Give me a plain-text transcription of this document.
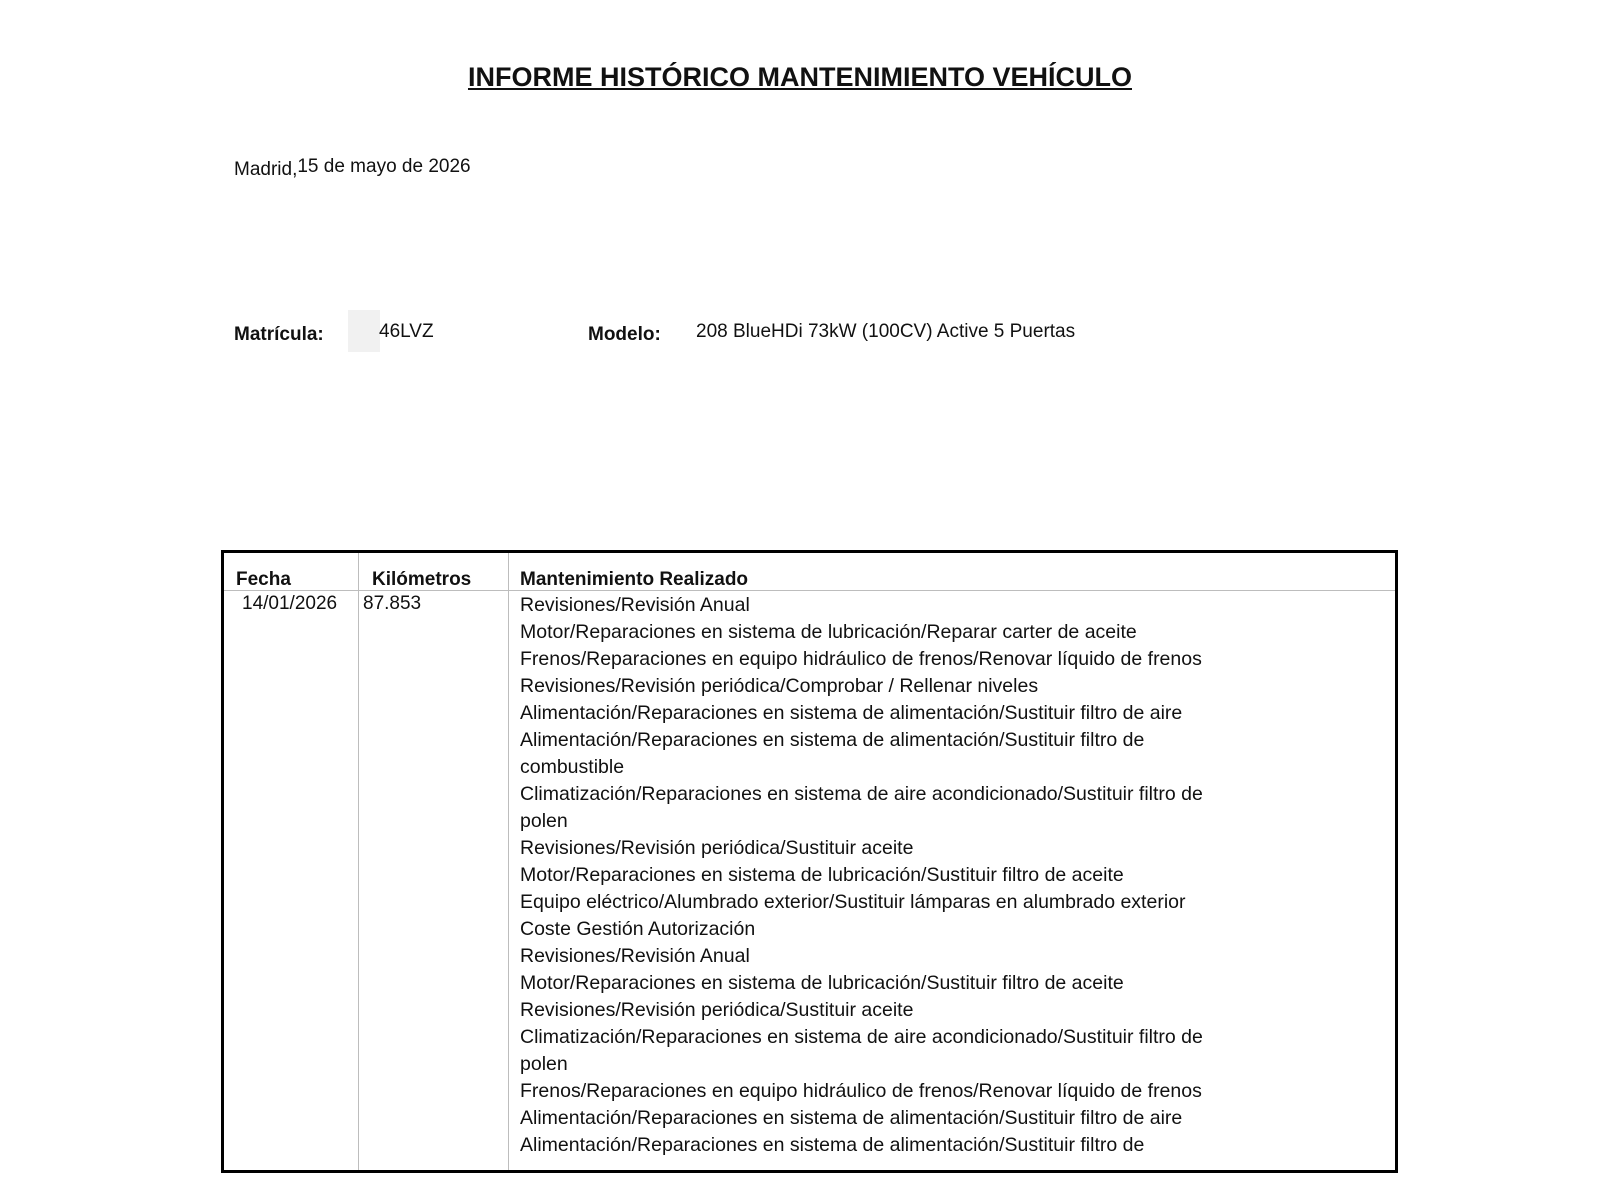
INFORME HISTÓRICO MANTENIMIENTO VEHÍCULO
Madrid,15 de mayo de 2026
Matrícula:	46LVZ	Modelo: 208 BlueHDi 73kW (100CV) Active 5 Puertas
Fecha	Kilómetros	Mantenimiento Realizado
14/01/2026 87.853	Revisiones/Revisión Anual
Motor/Reparaciones en sistema de lubricación/Reparar carter de aceite
Frenos/Reparaciones en equipo hidráulico de frenos/Renovar líquido de frenos
Revisiones/Revisión periódica/Comprobar / Rellenar niveles
Alimentación/Reparaciones en sistema de alimentación/Sustituir filtro de aire
Alimentación/Reparaciones en sistema de alimentación/Sustituir filtro de combustible
Climatización/Reparaciones en sistema de aire acondicionado/Sustituir filtro de polen
Revisiones/Revisión periódica/Sustituir aceite
Motor/Reparaciones en sistema de lubricación/Sustituir filtro de aceite
Equipo eléctrico/Alumbrado exterior/Sustituir lámparas en alumbrado exterior
Coste Gestión Autorización
Revisiones/Revisión Anual
Motor/Reparaciones en sistema de lubricación/Sustituir filtro de aceite
Revisiones/Revisión periódica/Sustituir aceite
Climatización/Reparaciones en sistema de aire acondicionado/Sustituir filtro de polen
Frenos/Reparaciones en equipo hidráulico de frenos/Renovar líquido de frenos
Alimentación/Reparaciones en sistema de alimentación/Sustituir filtro de aire
Alimentación/Reparaciones en sistema de alimentación/Sustituir filtro de
